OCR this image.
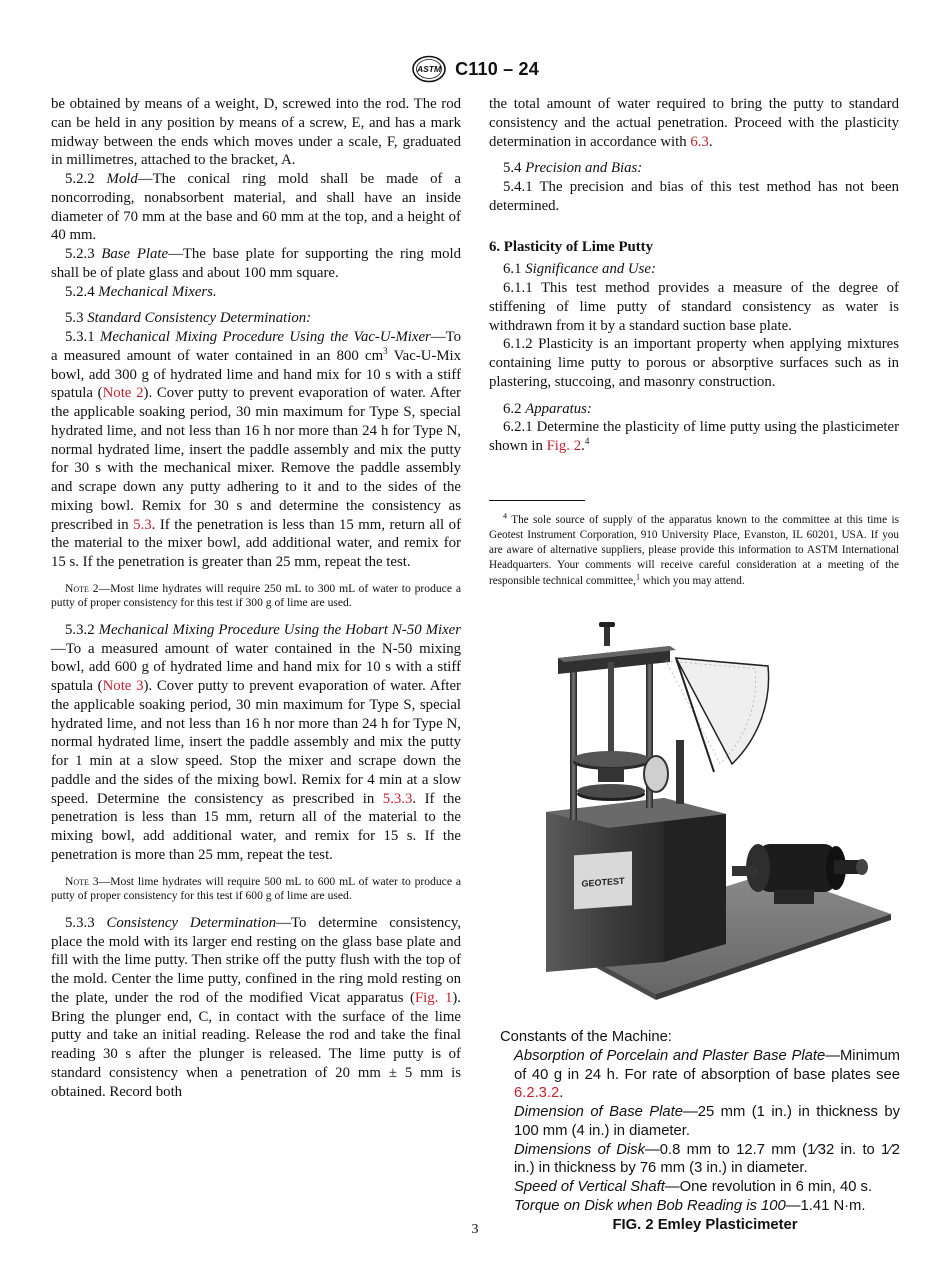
ASTM C110 – 24

be obtained by means of a weight, D, screwed into the rod. The rod can be held in any position by means of a screw, E, and has a mark midway between the ends which moves under a scale, F, graduated in millimetres, attached to the bracket, A.

5.2.2 Mold—The conical ring mold shall be made of a noncorroding, nonabsorbent material, and shall have an inside diameter of 70 mm at the base and 60 mm at the top, and a height of 40 mm.

5.2.3 Base Plate—The base plate for supporting the ring mold shall be of plate glass and about 100 mm square.

5.2.4 Mechanical Mixers.

5.3 Standard Consistency Determination:

5.3.1 Mechanical Mixing Procedure Using the Vac-U-Mixer—To a measured amount of water contained in an 800 $cm^3$ Vac-U-Mix bowl, add 300 g of hydrated lime and hand mix for 10 s with a stiff spatula (Note 2). Cover putty to prevent evaporation of water. After the applicable soaking period, 30 min maximum for Type S, special hydrated lime, and not less than 16 h nor more than 24 h for Type N, normal hydrated lime, insert the paddle assembly and mix the putty for 30 s with the mechanical mixer. Remove the paddle assembly and scrape down any putty adhering to it and to the sides of the mixing bowl. Remix for 30 s and determine the consistency as prescribed in 5.3. If the penetration is less than 15 mm, return all of the material to the mixer bowl, add additional water, and remix for 15 s. If the penetration is greater than 25 mm, repeat the test.

Note 2—Most lime hydrates will require 250 mL to 300 mL of water to produce a putty of proper consistency for this test if 300 g of lime are used.

5.3.2 Mechanical Mixing Procedure Using the Hobart N-50 Mixer—To a measured amount of water contained in the N-50 mixing bowl, add 600 g of hydrated lime and hand mix for 10 s with a stiff spatula (Note 3). Cover putty to prevent evaporation of water. After the applicable soaking period, 30 min maximum for Type S, special hydrated lime, and not less than 16 h nor more than 24 h for Type N, normal hydrated lime, insert the paddle assembly and mix the putty for 1 min at a slow speed. Stop the mixer and scrape down the paddle and the sides of the mixing bowl. Remix for 4 min at a slow speed. Determine the consistency as prescribed in 5.3.3. If the penetration is less than 15 mm, return all of the material to the mixing bowl, add additional water, and remix for 15 s. If the penetration is more than 25 mm, repeat the test.

Note 3—Most lime hydrates will require 500 mL to 600 mL of water to produce a putty of proper consistency for this test if 600 g of lime are used.

5.3.3 Consistency Determination—To determine consistency, place the mold with its larger end resting on the glass base plate and fill with the lime putty. Then strike off the putty flush with the top of the mold. Center the lime putty, confined in the ring mold resting on the plate, under the rod of the modified Vicat apparatus (Fig. 1). Bring the plunger end, C, in contact with the surface of the lime putty and take an initial reading. Release the rod and take the final reading 30 s after the plunger is released. The lime putty is of standard consistency when a penetration of 20 mm ± 5 mm is obtained. Record both

the total amount of water required to bring the putty to standard consistency and the actual penetration. Proceed with the plasticity determination in accordance with 6.3.

5.4 Precision and Bias:

5.4.1 The precision and bias of this test method has not been determined.

6. Plasticity of Lime Putty

6.1 Significance and Use:

6.1.1 This test method provides a measure of the degree of stiffening of lime putty of standard consistency as water is withdrawn from it by a standard suction base plate.

6.1.2 Plasticity is an important property when applying mixtures containing lime putty to porous or absorptive surfaces such as in plastering, stuccoing, and masonry construction.

6.2 Apparatus:

6.2.1 Determine the plasticity of lime putty using the plasticimeter shown in Fig. 2.$^4$

$^4$ The sole source of supply of the apparatus known to the committee at this time is Geotest Instrument Corporation, 910 University Place, Evanston, IL 60201, USA. If you are aware of alternative suppliers, please provide this information to ASTM International Headquarters. Your comments will receive careful consideration at a meeting of the responsible technical committee,$^1$ which you may attend.

GEOTEST

Constants of the Machine:

Absorption of Porcelain and Plaster Base Plate—Minimum of 40 g in 24 h. For rate of absorption of base plates see 6.2.3.2.

Dimension of Base Plate—25 mm (1 in.) in thickness by 100 mm (4 in.) in diameter.

Dimensions of Disk—0.8 mm to 12.7 mm (1⁄32 in. to 1⁄2 in.) in thickness by 76 mm (3 in.) in diameter.

Speed of Vertical Shaft—One revolution in 6 min, 40 s.

Torque on Disk when Bob Reading is 100—1.41 N·m.

FIG. 2 Emley Plasticimeter

3
